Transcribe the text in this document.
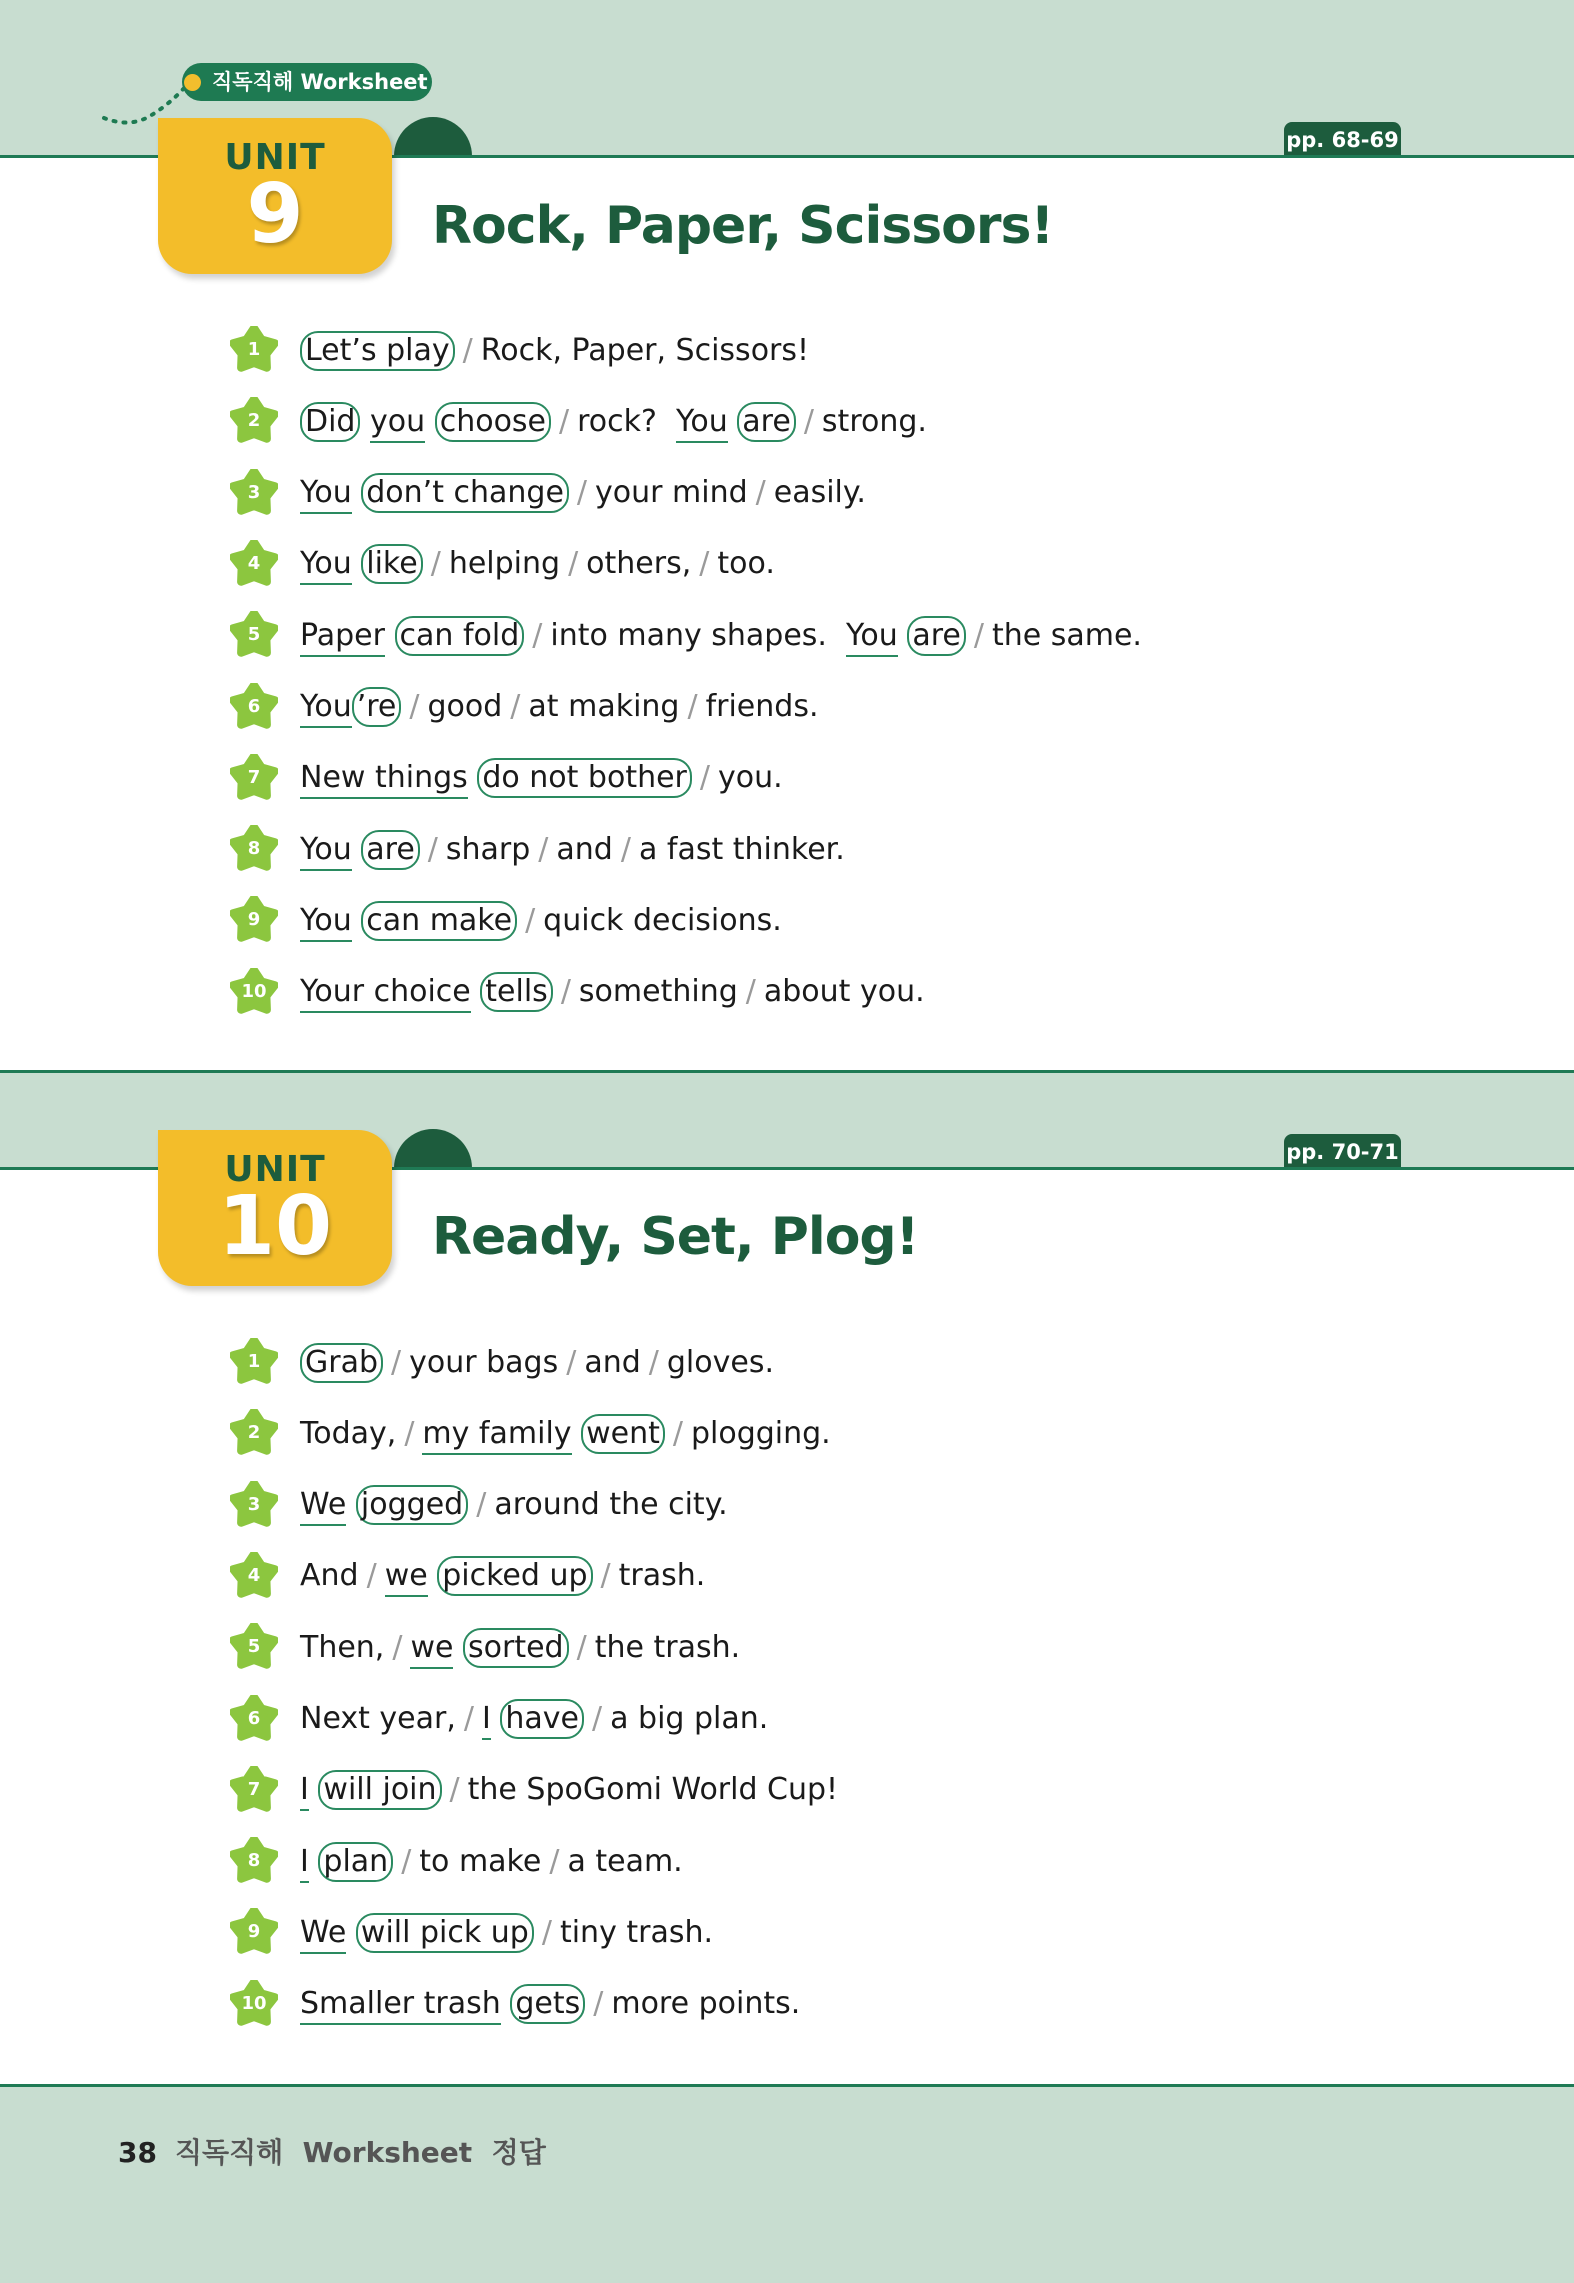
직독직해 Worksheet
pp. 68-69
UNIT
9	Rock, Paper, Scissors!
1	Let’s play / Rock, Paper, Scissors!
2	Did you choose / rock?  You are / strong.
3	You don’t change / your mind / easily.
4	You like / helping / others, / too.
5	Paper can fold / into many shapes.  You are / the same.
6	You ’re / good / at making / friends.
7	New things do not bother / you.
8	You are / sharp / and / a fast thinker.
9	You can make / quick decisions.
10	Your choice tells / something / about you.
pp. 70-71
UNIT
10	Ready, Set, Plog!
1	Grab / your bags / and / gloves.
2	Today, / my family went / plogging.
3	We jogged / around the city.
4	And / we picked up / trash.
5	Then, / we sorted / the trash.
6	Next year, / I have / a big plan.
7	I will join / the SpoGomi World Cup!
8	I plan / to make / a team.
9	We will pick up / tiny trash.
10	Smaller trash gets / more points.
38 직독직해  Worksheet  정답
